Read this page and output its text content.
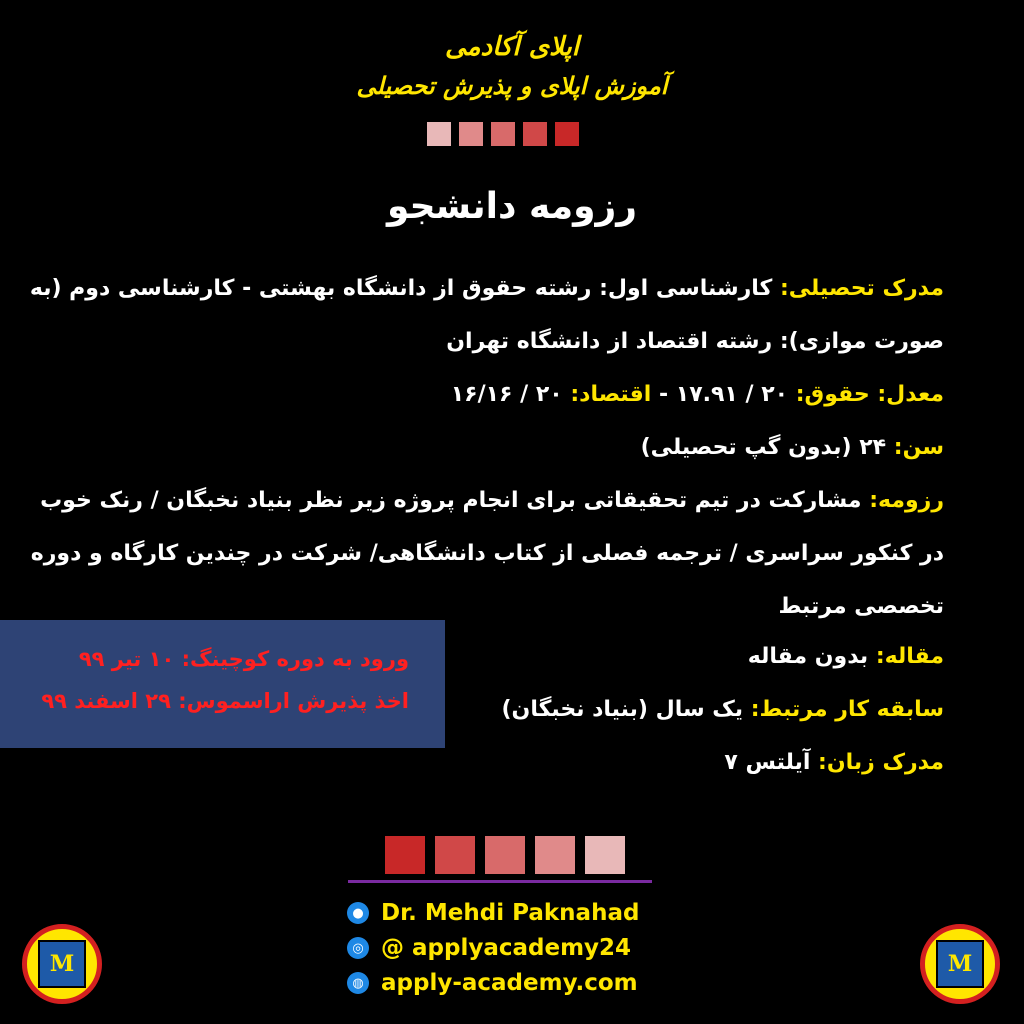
اپلای آکادمی
آموزش اپلای و پذیرش تحصیلی
رزومه دانشجو
مدرک تحصیلی: کارشناسی اول: رشته حقوق از دانشگاه بهشتی - کارشناسی دوم (به صورت موازی): رشته اقتصاد از دانشگاه تهران
معدل: حقوق: ۲۰ / ۱۷.۹۱ - اقتصاد: ۲۰ / ۱۶/۱۶
سن: ۲۴ (بدون گپ تحصیلی)
رزومه: مشارکت در تیم تحقیقاتی برای انجام پروژه زیر نظر بنیاد نخبگان / رنک خوب در کنکور سراسری / ترجمه فصلی از کتاب دانشگاهی/ شرکت در چندین کارگاه و دوره تخصصی مرتبط
مقاله: بدون مقاله
سابقه کار مرتبط: یک سال (بنیاد نخبگان)
مدرک زبان: آیلتس ۷
ورود به دوره کوچینگ: ۱۰ تیر ۹۹
اخذ پذیرش اراسموس: ۲۹ اسفند ۹۹
● Dr. Mehdi Paknahad
◎ @ applyacademy24
◍ apply-academy.com
M	M
